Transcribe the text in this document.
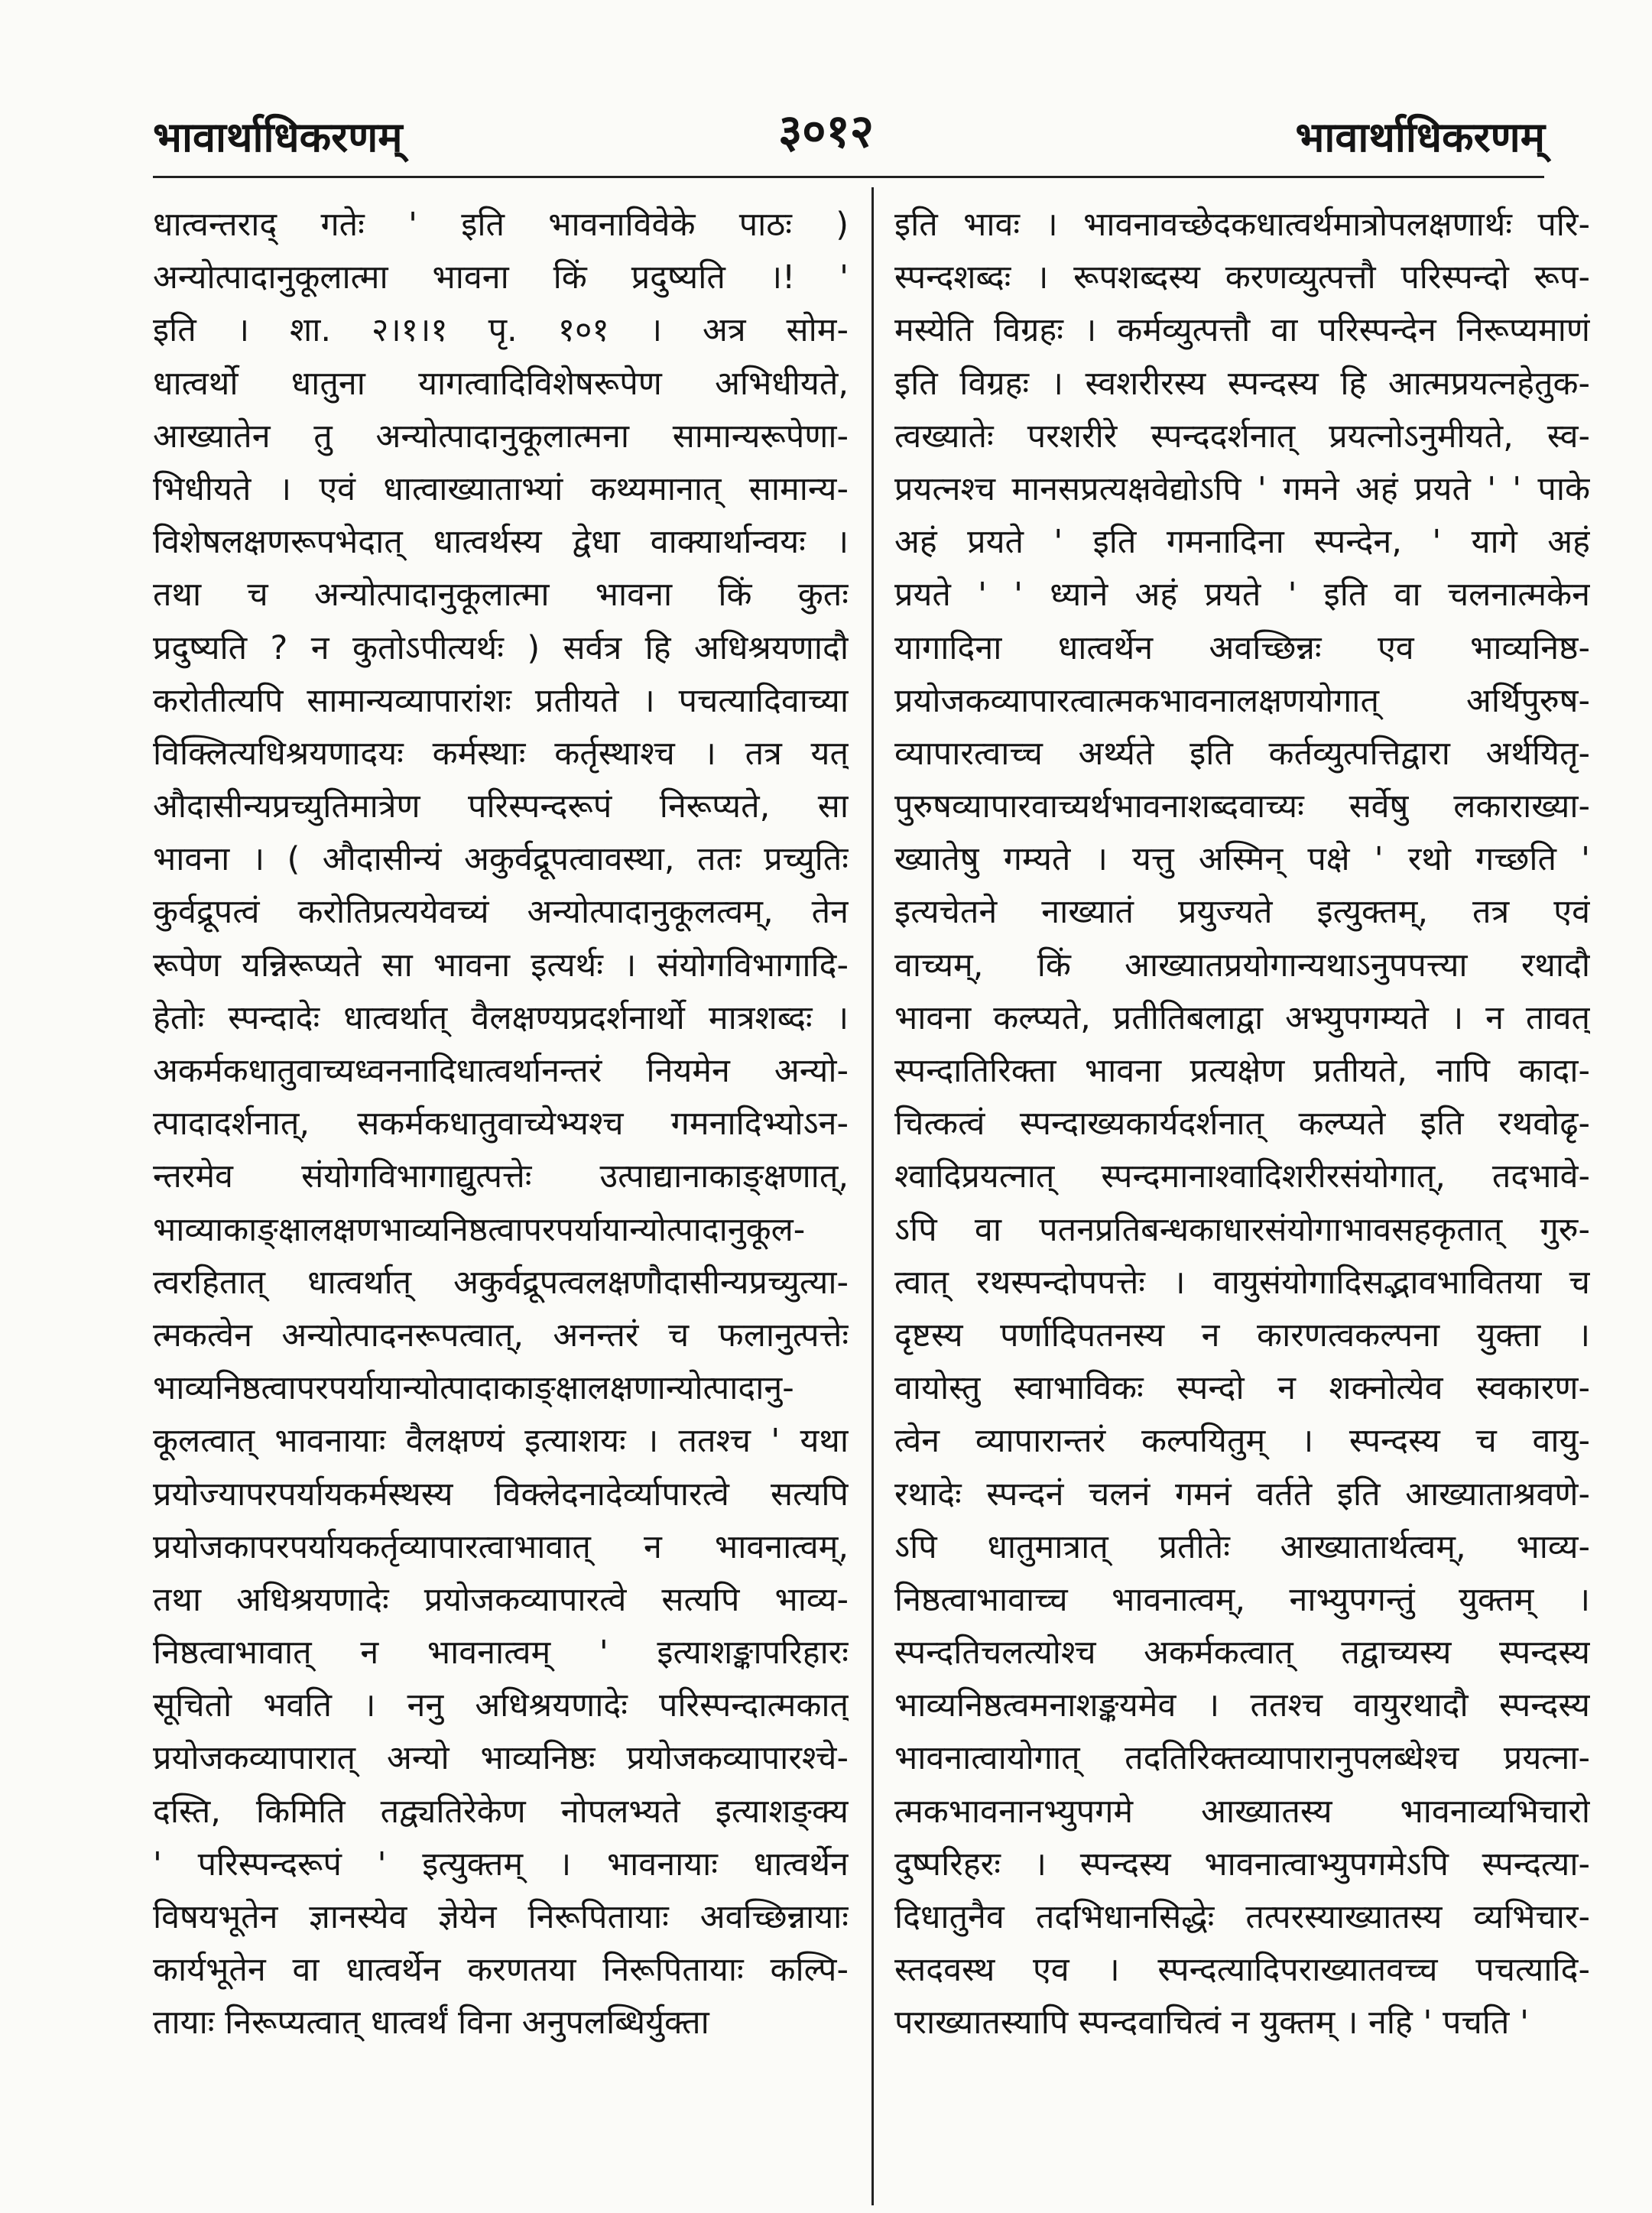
भावार्थाधिकरणम्	३०१२	भावार्थाधिकरणम्
धात्वन्तराद् गतेः ' इति भावनाविवेके पाठः )
अन्योत्पादानुकूलात्मा भावना किं प्रदुष्यति ।! '
इति । शा. २।१।१ पृ. १०१ । अत्र सोम-
धात्वर्थो धातुना यागत्वादिविशेषरूपेण अभिधीयते,
आख्यातेन तु अन्योत्पादानुकूलात्मना सामान्यरूपेणा-
भिधीयते । एवं धात्वाख्याताभ्यां कथ्यमानात् सामान्य-
विशेषलक्षणरूपभेदात् धात्वर्थस्य द्वेधा वाक्यार्थान्वयः ।
तथा च अन्योत्पादानुकूलात्मा भावना किं कुतः
प्रदुष्यति ? न कुतोऽपीत्यर्थः ) सर्वत्र हि अधिश्रयणादौ
करोतीत्यपि सामान्यव्यापारांशः प्रतीयते । पचत्यादिवाच्या
विक्लित्यधिश्रयणादयः कर्मस्थाः कर्तृस्थाश्च । तत्र यत्
औदासीन्यप्रच्युतिमात्रेण परिस्पन्दरूपं निरूप्यते, सा
भावना । ( औदासीन्यं अकुर्वद्रूपत्वावस्था, ततः प्रच्युतिः
कुर्वद्रूपत्वं करोतिप्रत्ययेवच्यं अन्योत्पादानुकूलत्वम्, तेन
रूपेण यन्निरूप्यते सा भावना इत्यर्थः । संयोगविभागादि-
हेतोः स्पन्दादेः धात्वर्थात् वैलक्षण्यप्रदर्शनार्थो मात्रशब्दः ।
अकर्मकधातुवाच्यध्वननादिधात्वर्थानन्तरं नियमेन अन्यो-
त्पादादर्शनात्, सकर्मकधातुवाच्येभ्यश्च गमनादिभ्योऽन-
न्तरमेव संयोगविभागाद्युत्पत्तेः उत्पाद्यानाकाङ्क्षणात्,
भाव्याकाङ्क्षालक्षणभाव्यनिष्ठत्वापरपर्यायान्योत्पादानुकूल-
त्वरहितात् धात्वर्थात् अकुर्वद्रूपत्वलक्षणौदासीन्यप्रच्युत्या-
त्मकत्वेन अन्योत्पादनरूपत्वात्, अनन्तरं च फलानुत्पत्तेः
भाव्यनिष्ठत्वापरपर्यायान्योत्पादाकाङ्क्षालक्षणान्योत्पादानु-
कूलत्वात् भावनायाः वैलक्षण्यं इत्याशयः । ततश्च ' यथा
प्रयोज्यापरपर्यायकर्मस्थस्य विक्लेदनादेर्व्यापारत्वे सत्यपि
प्रयोजकापरपर्यायकर्तृव्यापारत्वाभावात् न भावनात्वम्,
तथा अधिश्रयणादेः प्रयोजकव्यापारत्वे सत्यपि भाव्य-
निष्ठत्वाभावात् न भावनात्वम् ' इत्याशङ्कापरिहारः
सूचितो भवति । ननु अधिश्रयणादेः परिस्पन्दात्मकात्
प्रयोजकव्यापारात् अन्यो भाव्यनिष्ठः प्रयोजकव्यापारश्चे-
दस्ति, किमिति तद्व्यतिरेकेण नोपलभ्यते इत्याशङ्क्य
' परिस्पन्दरूपं ' इत्युक्तम् । भावनायाः धात्वर्थेन
विषयभूतेन ज्ञानस्येव ज्ञेयेन निरूपितायाः अवच्छिन्नायाः
कार्यभूतेन वा धात्वर्थेन करणतया निरूपितायाः कल्पि-
तायाः निरूप्यत्वात् धात्वर्थं विना अनुपलब्धिर्युक्ता
इति भावः । भावनावच्छेदकधात्वर्थमात्रोपलक्षणार्थः परि-
स्पन्दशब्दः । रूपशब्दस्य करणव्युत्पत्तौ परिस्पन्दो रूप-
मस्येति विग्रहः । कर्मव्युत्पत्तौ वा परिस्पन्देन निरूप्यमाणं
इति विग्रहः । स्वशरीरस्य स्पन्दस्य हि आत्मप्रयत्नहेतुक-
त्वख्यातेः परशरीरे स्पन्ददर्शनात् प्रयत्नोऽनुमीयते, स्व-
प्रयत्नश्च मानसप्रत्यक्षवेद्योऽपि ' गमने अहं प्रयते ' ' पाके
अहं प्रयते ' इति गमनादिना स्पन्देन, ' यागे अहं
प्रयते ' ' ध्याने अहं प्रयते ' इति वा चलनात्मकेन
यागादिना धात्वर्थेन अवच्छिन्नः एव भाव्यनिष्ठ-
प्रयोजकव्यापारत्वात्मकभावनालक्षणयोगात् अर्थिपुरुष-
व्यापारत्वाच्च अर्थ्यते इति कर्तव्युत्पत्तिद्वारा अर्थयितृ-
पुरुषव्यापारवाच्यर्थभावनाशब्दवाच्यः सर्वेषु लकाराख्या-
ख्यातेषु गम्यते । यत्तु अस्मिन् पक्षे ' रथो गच्छति '
इत्यचेतने नाख्यातं प्रयुज्यते इत्युक्तम्, तत्र एवं
वाच्यम्, किं आख्यातप्रयोगान्यथाऽनुपपत्त्या रथादौ
भावना कल्प्यते, प्रतीतिबलाद्वा अभ्युपगम्यते । न तावत्
स्पन्दातिरिक्ता भावना प्रत्यक्षेण प्रतीयते, नापि कादा-
चित्कत्वं स्पन्दाख्यकार्यदर्शनात् कल्प्यते इति रथवोढृ-
श्वादिप्रयत्नात् स्पन्दमानाश्वादिशरीरसंयोगात्, तदभावे-
ऽपि वा पतनप्रतिबन्धकाधारसंयोगाभावसहकृतात् गुरु-
त्वात् रथस्पन्दोपपत्तेः । वायुसंयोगादिसद्भावभावितया च
दृष्टस्य पर्णादिपतनस्य न कारणत्वकल्पना युक्ता ।
वायोस्तु स्वाभाविकः स्पन्दो न शक्नोत्येव स्वकारण-
त्वेन व्यापारान्तरं कल्पयितुम् । स्पन्दस्य च वायु-
रथादेः स्पन्दनं चलनं गमनं वर्तते इति आख्याताश्रवणे-
ऽपि धातुमात्रात् प्रतीतेः आख्यातार्थत्वम्, भाव्य-
निष्ठत्वाभावाच्च भावनात्वम्, नाभ्युपगन्तुं युक्तम् ।
स्पन्दतिचलत्योश्च अकर्मकत्वात् तद्वाच्यस्य स्पन्दस्य
भाव्यनिष्ठत्वमनाशङ्कयमेव । ततश्च वायुरथादौ स्पन्दस्य
भावनात्वायोगात् तदतिरिक्तव्यापारानुपलब्धेश्च प्रयत्ना-
त्मकभावनानभ्युपगमे आख्यातस्य भावनाव्यभिचारो
दुष्परिहरः । स्पन्दस्य भावनात्वाभ्युपगमेऽपि स्पन्दत्या-
दिधातुनैव तदभिधानसिद्धेः तत्परस्याख्यातस्य व्यभिचार-
स्तदवस्थ एव । स्पन्दत्यादिपराख्यातवच्च पचत्यादि-
पराख्यातस्यापि स्पन्दवाचित्वं न युक्तम् । नहि ' पचति '
